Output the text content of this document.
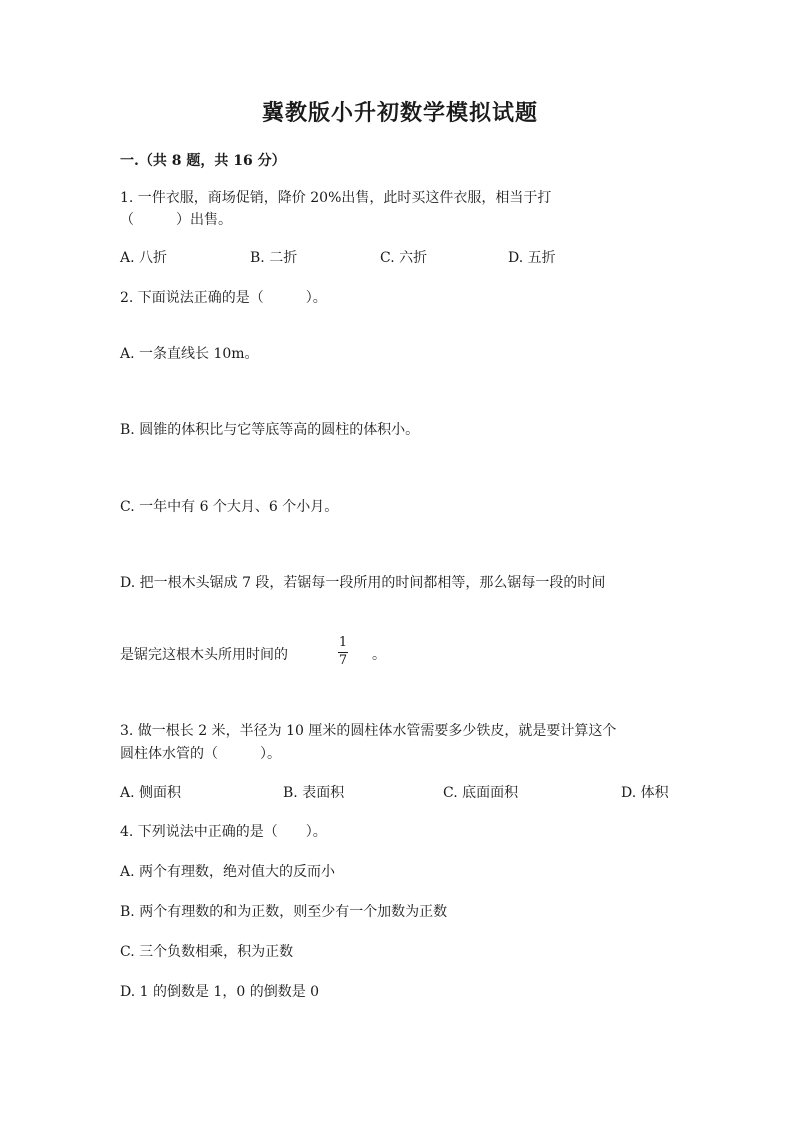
冀教版小升初数学模拟试题
一.（共 8 题，共 16 分）
1. 一件衣服，商场促销，降价 20%出售，此时买这件衣服，相当于打
（　　　）出售。
A. 八折	B. 二折	C. 六折	D. 五折
2. 下面说法正确的是（　　　）。
A. 一条直线长 10m。
B. 圆锥的体积比与它等底等高的圆柱的体积小。
C. 一年中有 6 个大月、6 个小月。
D. 把一根木头锯成 7 段，若锯每一段所用的时间都相等，那么锯每一段的时间
是锯完这根木头所用时间的
1
7 。
3. 做一根长 2 米，半径为 10 厘米的圆柱体水管需要多少铁皮，就是要计算这个
圆柱体水管的（　　　）。
A. 侧面积	B. 表面积	C. 底面面积	D. 体积
4. 下列说法中正确的是（　　）。
A. 两个有理数，绝对值大的反而小
B. 两个有理数的和为正数，则至少有一个加数为正数
C. 三个负数相乘，积为正数
D. 1 的倒数是 1，0 的倒数是 0
